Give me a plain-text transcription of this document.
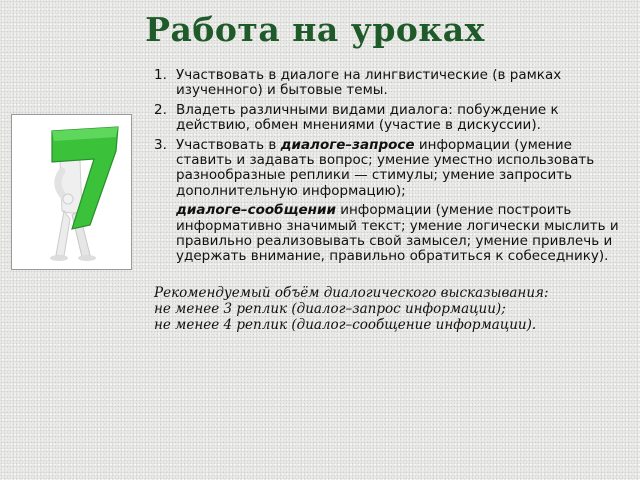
Работа на уроках
1. Участвовать в диалоге на лингвистические (в рамках изученного) и бытовые темы.
2. Владеть различными видами диалога: побуждение к действию, обмен мнениями (участие в дискуссии).
3. Участвовать в диалоге–запросе информации (умение ставить и задавать вопрос; умение уместно использовать разнообразные реплики — стимулы; умение запросить дополнительную информацию);
диалоге–сообщении информации (умение построить информативно значимый текст; умение логически мыслить и правильно реализовывать свой замысел; умение привлечь и удержать внимание, правильно обратиться к собеседнику).
Рекомендуемый объём диалогического высказывания:
не менее 3 реплик (диалог–запрос информации);
не менее 4 реплик (диалог–сообщение информации).
